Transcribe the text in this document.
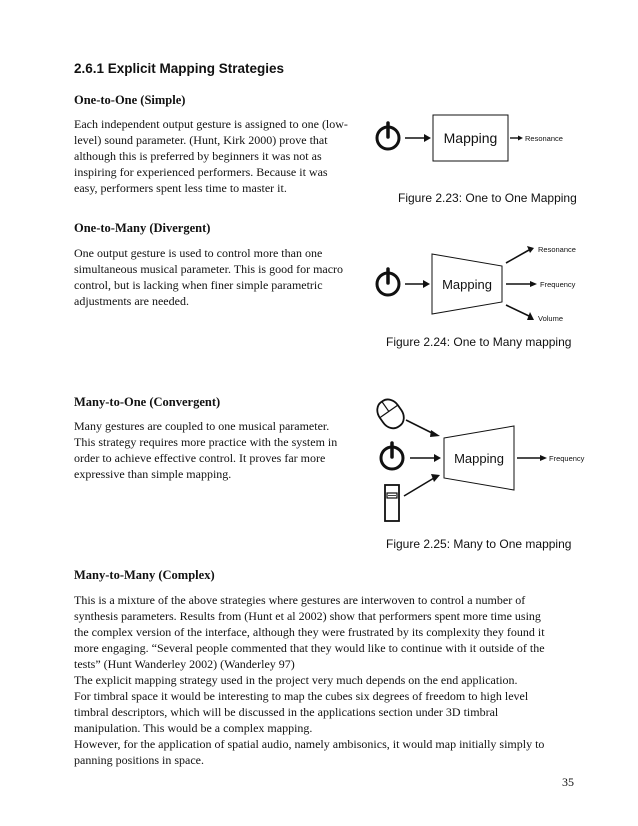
2.6.1 Explicit Mapping Strategies
One-to-One (Simple)
Each independent output gesture is assigned to one (low-
level) sound parameter. (Hunt, Kirk 2000) prove that
although this is preferred by beginners it was not as
inspiring for experienced performers. Because it was
easy, performers spent less time to master it.
Mapping	Resonance
Figure 2.23: One to One Mapping
One-to-Many (Divergent)
One output gesture is used to control more than one
simultaneous musical parameter. This is good for macro
control, but is lacking when finer simple parametric
adjustments are needed.
Mapping
Resonance
Frequency
Volume
Figure 2.24: One to Many mapping
Many-to-One (Convergent)
Many gestures are coupled to one musical parameter.
This strategy requires more practice with the system in
order to achieve effective control. It proves far more
expressive than simple mapping.
Mapping	Frequency
Figure 2.25: Many to One mapping
Many-to-Many (Complex)
This is a mixture of the above strategies where gestures are interwoven to control a number of
synthesis parameters. Results from (Hunt et al 2002) show that performers spent more time using
the complex version of the interface, although they were frustrated by its complexity they found it
more engaging. “Several people commented that they would like to continue with it outside of the
tests” (Hunt Wanderley 2002) (Wanderley 97)
The explicit mapping strategy used in the project very much depends on the end application.
For timbral space it would be interesting to map the cubes six degrees of freedom to high level
timbral descriptors, which will be discussed in the applications section under 3D timbral
manipulation. This would be a complex mapping.
However, for the application of spatial audio, namely ambisonics, it would map initially simply to
panning positions in space.
35
